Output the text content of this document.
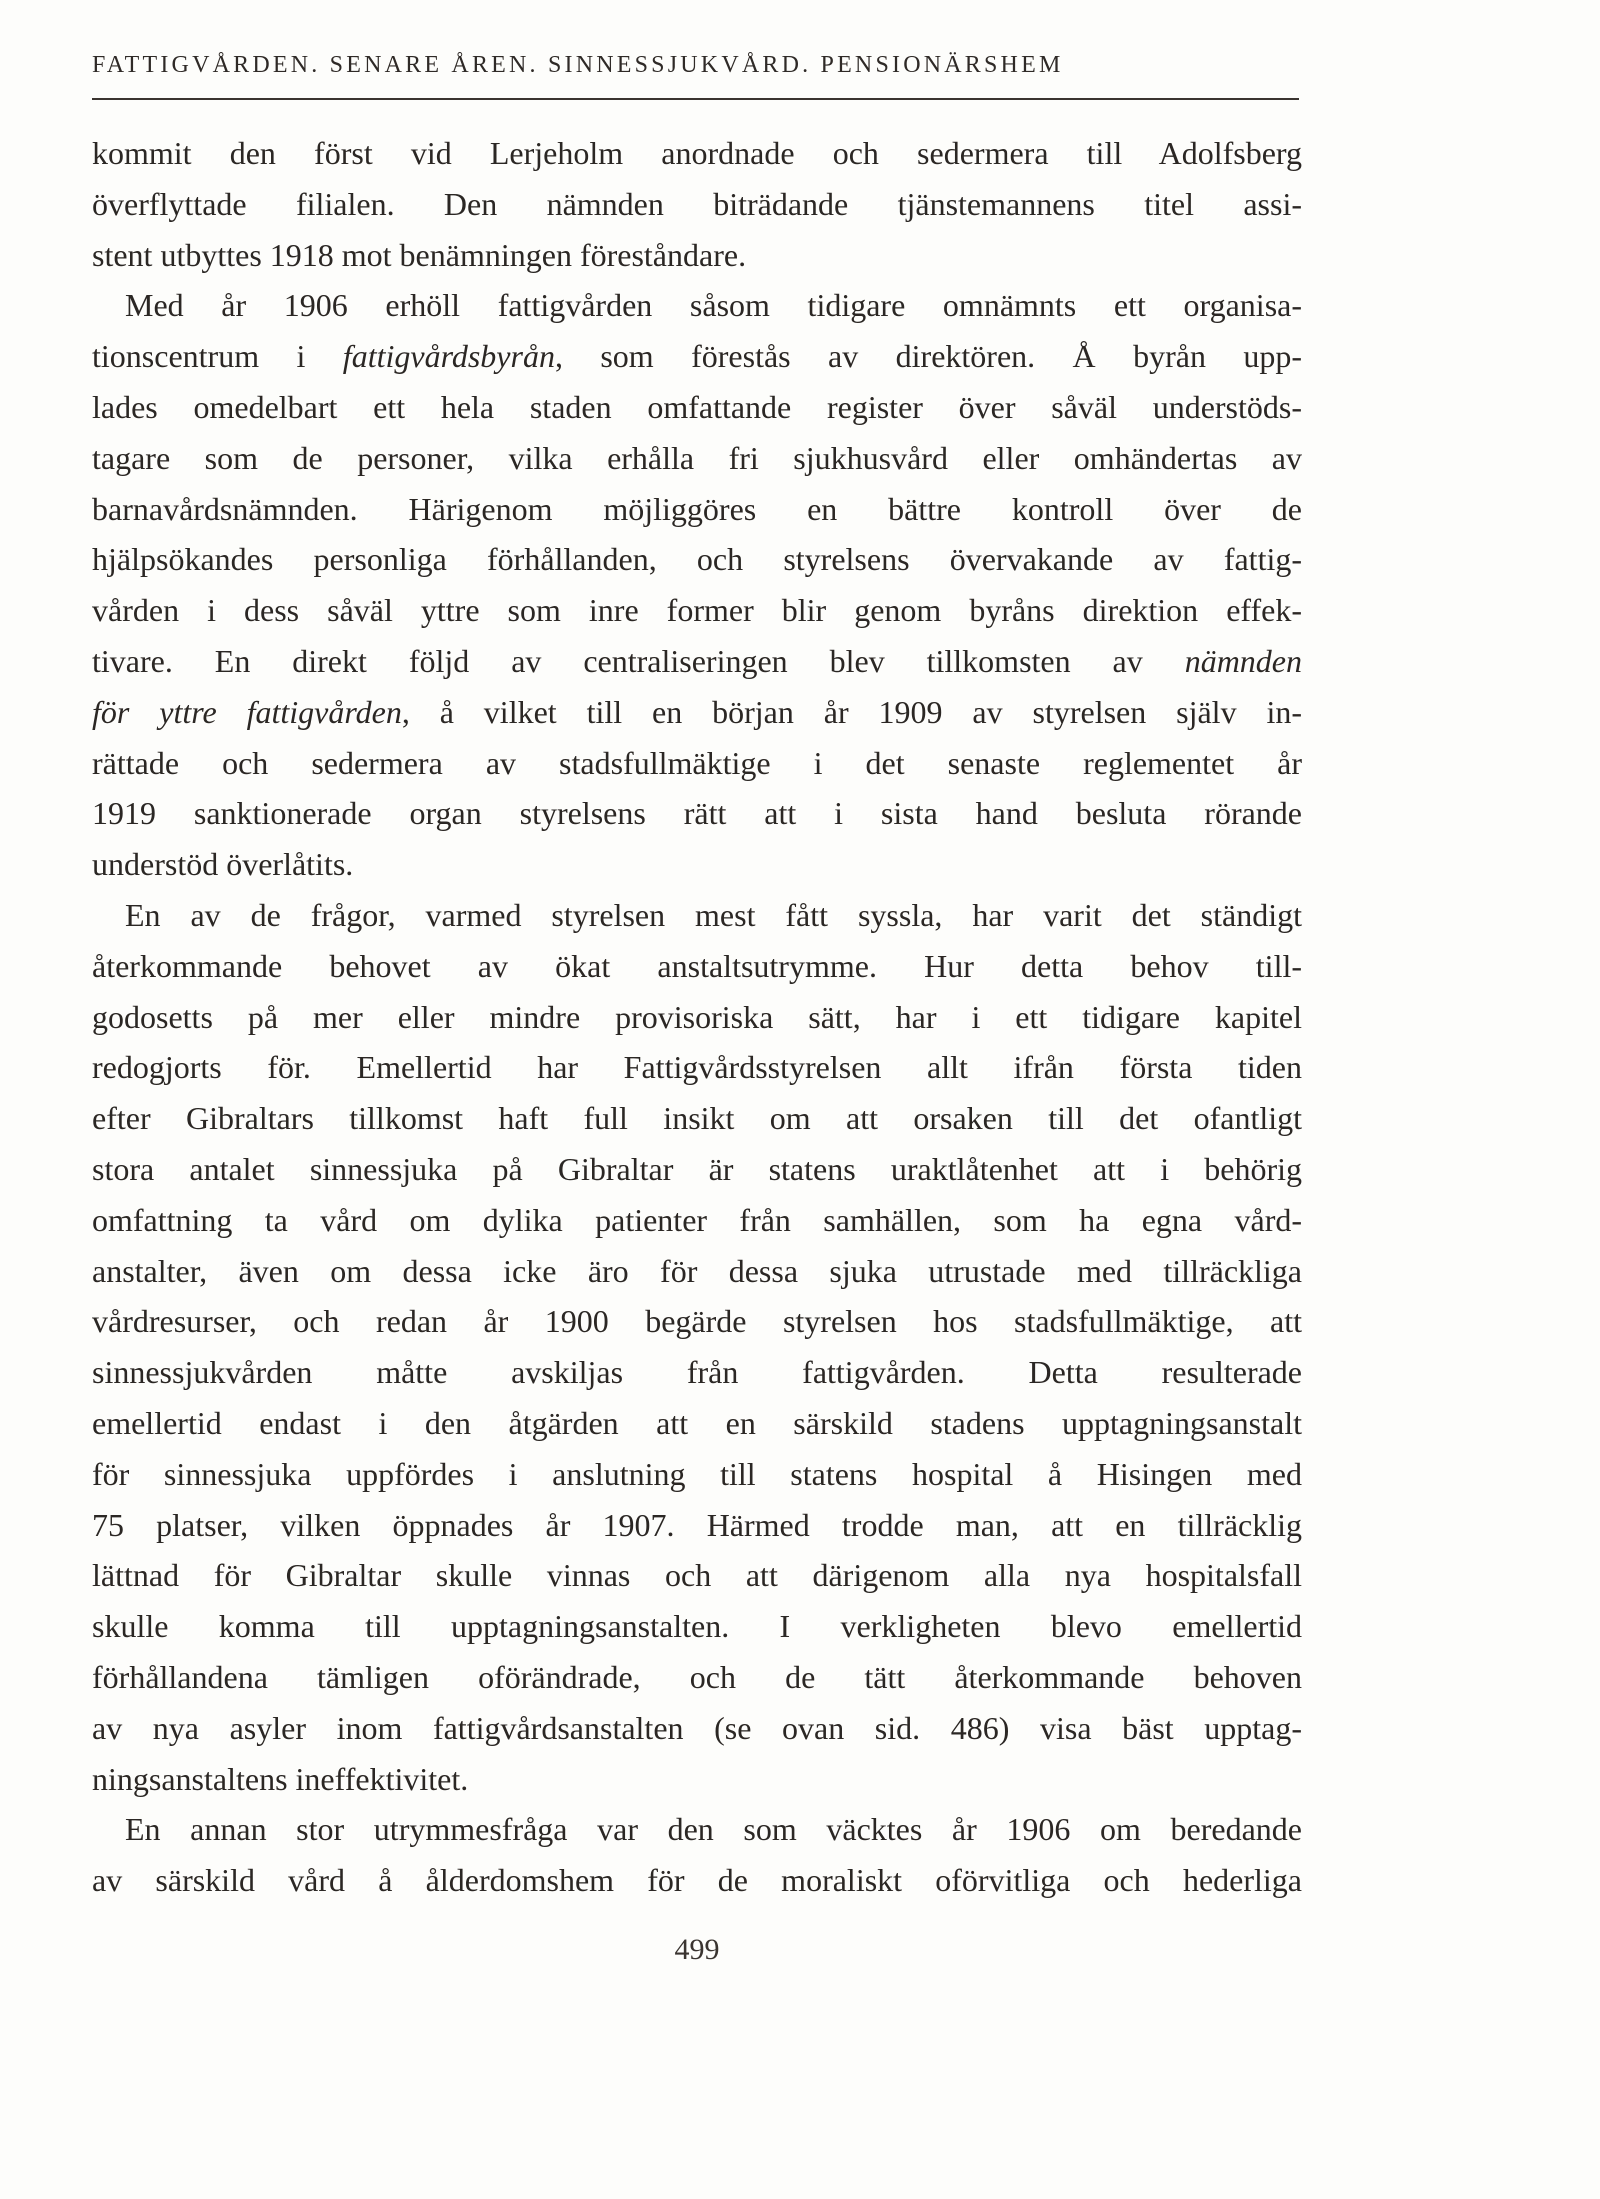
FATTIGVÅRDEN. SENARE ÅREN. SINNESSJUKVÅRD. PENSIONÄRSHEM
kommit den först vid Lerjeholm anordnade och sedermera till Adolfsberg
överflyttade filialen. Den nämnden biträdande tjänstemannens titel assi-
stent utbyttes 1918 mot benämningen föreståndare.
Med år 1906 erhöll fattigvården såsom tidigare omnämnts ett organisa-
tionscentrum i fattigvårdsbyrån, som förestås av direktören. Å byrån upp-
lades omedelbart ett hela staden omfattande register över såväl understöds-
tagare som de personer, vilka erhålla fri sjukhusvård eller omhändertas av
barnavårdsnämnden. Härigenom möjliggöres en bättre kontroll över de
hjälpsökandes personliga förhållanden, och styrelsens övervakande av fattig-
vården i dess såväl yttre som inre former blir genom byråns direktion effek-
tivare. En direkt följd av centraliseringen blev tillkomsten av nämnden
för yttre fattigvården, å vilket till en början år 1909 av styrelsen själv in-
rättade och sedermera av stadsfullmäktige i det senaste reglementet år
1919 sanktionerade organ styrelsens rätt att i sista hand besluta rörande
understöd överlåtits.
En av de frågor, varmed styrelsen mest fått syssla, har varit det ständigt
återkommande behovet av ökat anstaltsutrymme. Hur detta behov till-
godosetts på mer eller mindre provisoriska sätt, har i ett tidigare kapitel
redogjorts för. Emellertid har Fattigvårdsstyrelsen allt ifrån första tiden
efter Gibraltars tillkomst haft full insikt om att orsaken till det ofantligt
stora antalet sinnessjuka på Gibraltar är statens uraktlåtenhet att i behörig
omfattning ta vård om dylika patienter från samhällen, som ha egna vård-
anstalter, även om dessa icke äro för dessa sjuka utrustade med tillräckliga
vårdresurser, och redan år 1900 begärde styrelsen hos stadsfullmäktige, att
sinnessjukvården måtte avskiljas från fattigvården. Detta resulterade
emellertid endast i den åtgärden att en särskild stadens upptagningsanstalt
för sinnessjuka uppfördes i anslutning till statens hospital å Hisingen med
75 platser, vilken öppnades år 1907. Härmed trodde man, att en tillräcklig
lättnad för Gibraltar skulle vinnas och att därigenom alla nya hospitalsfall
skulle komma till upptagningsanstalten. I verkligheten blevo emellertid
förhållandena tämligen oförändrade, och de tätt återkommande behoven
av nya asyler inom fattigvårdsanstalten (se ovan sid. 486) visa bäst upptag-
ningsanstaltens ineffektivitet.
En annan stor utrymmesfråga var den som väcktes år 1906 om beredande
av särskild vård å ålderdomshem för de moraliskt oförvitliga och hederliga
499
